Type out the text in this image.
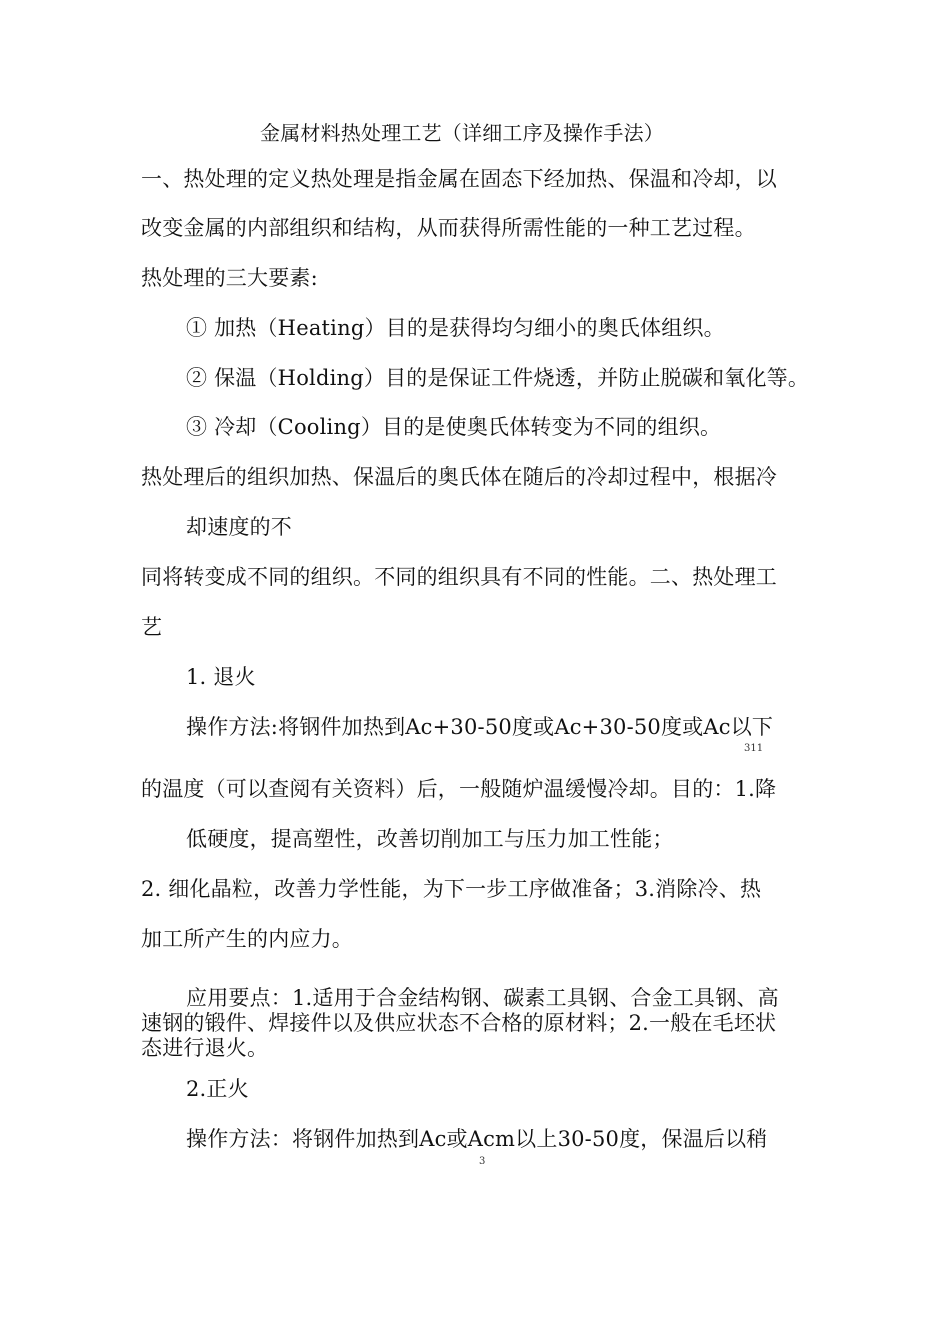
金属材料热处理工艺（详细工序及操作手法）
一、热处理的定义热处理是指金属在固态下经加热、保温和冷却，以
改变金属的内部组织和结构，从而获得所需性能的一种工艺过程。
热处理的三大要素:
① 加热（Heating）目的是获得均匀细小的奥氏体组织。
② 保温（Holding）目的是保证工件烧透，并防止脱碳和氧化等。
③ 冷却（Cooling）目的是使奥氏体转变为不同的组织。
热处理后的组织加热、保温后的奥氏体在随后的冷却过程中，根据冷
却速度的不
同将转变成不同的组织。不同的组织具有不同的性能。二、热处理工
艺
1. 退火
操作方法:将钢件加热到Ac+30-50度或Ac+30-50度或Ac以下
311
的温度（可以查阅有关资料）后，一般随炉温缓慢冷却。目的：1.降
低硬度，提高塑性，改善切削加工与压力加工性能；
2. 细化晶粒，改善力学性能，为下一步工序做准备；3.消除冷、热
加工所产生的内应力。
应用要点：1.适用于合金结构钢、碳素工具钢、合金工具钢、高
速钢的锻件、焊接件以及供应状态不合格的原材料；2.一般在毛坯状
态进行退火。
2.正火
操作方法：将钢件加热到Ac或Acm以上30-50度，保温后以稍
3
